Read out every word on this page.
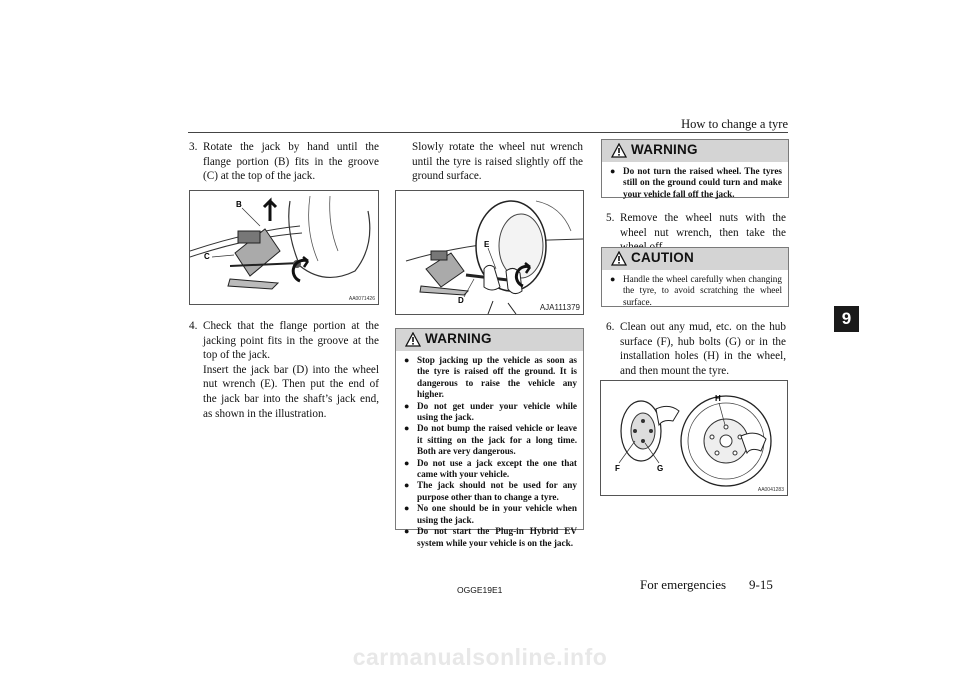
How to change a tyre
3. Rotate the jack by hand until the flange portion (B) fits in the groove (C) at the top of the jack.
B
C
AA0071426
4. Check that the flange portion at the jacking point fits in the groove at the top of the jack.
Insert the jack bar (D) into the wheel nut wrench (E). Then put the end of the jack bar into the shaft’s jack end, as shown in the illustration.
Slowly rotate the wheel nut wrench until the tyre is raised slightly off the ground surface.
E
D
AJA111379
WARNING
● Stop jacking up the vehicle as soon as the tyre is raised off the ground. It is dangerous to raise the vehicle any higher.
● Do not get under your vehicle while using the jack.
● Do not bump the raised vehicle or leave it sitting on the jack for a long time. Both are very dangerous.
● Do not use a jack except the one that came with your vehicle.
● The jack should not be used for any purpose other than to change a tyre.
● No one should be in your vehicle when using the jack.
● Do not start the Plug-in Hybrid EV system while your vehicle is on the jack.
WARNING
● Do not turn the raised wheel. The tyres still on the ground could turn and make your vehicle fall off the jack.
5. Remove the wheel nuts with the wheel nut wrench, then take the
CAUTION
● Handle the wheel carefully when changing the tyre, to avoid scratching the wheel surface.
6. Clean out any mud, etc. on the hub surface (F), hub bolts (G) or in the installation holes (H) in the wheel, and then mount the tyre.
H
F	G
AA0041283
9
OGGE19E1	For emergencies 9-15
carmanualsonline.info
